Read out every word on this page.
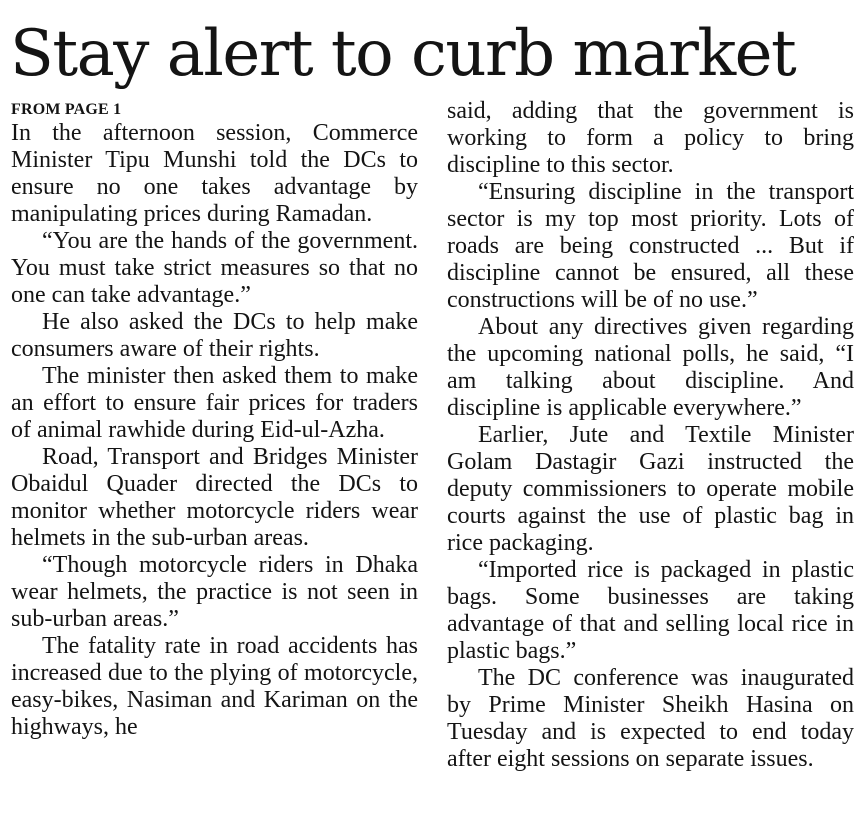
Stay alert to curb market
FROM PAGE 1

In the afternoon session, Commerce Minister Tipu Munshi told the DCs to ensure no one takes advantage by manipulating prices during Ramadan.

“You are the hands of the government. You must take strict measures so that no one can take advantage.”

He also asked the DCs to help make consumers aware of their rights.

The minister then asked them to make an effort to ensure fair prices for traders of animal rawhide during Eid-ul-Azha.

Road, Transport and Bridges Minister Obaidul Quader directed the DCs to monitor whether motorcycle riders wear helmets in the sub-urban areas.

“Though motorcycle riders in Dhaka wear helmets, the practice is not seen in sub-urban areas.”

The fatality rate in road accidents has increased due to the plying of motorcycle, easy-bikes, Nasiman and Kariman on the highways, he

said, adding that the government is working to form a policy to bring discipline to this sector.

“Ensuring discipline in the transport sector is my top most priority. Lots of roads are being constructed ... But if discipline cannot be ensured, all these constructions will be of no use.”

About any directives given regarding the upcoming national polls, he said, “I am talking about discipline. And discipline is applicable everywhere.”

Earlier, Jute and Textile Minister Golam Dastagir Gazi instructed the deputy commissioners to operate mobile courts against the use of plastic bag in rice packaging.

“Imported rice is packaged in plastic bags. Some businesses are taking advantage of that and selling local rice in plastic bags.”

The DC conference was inaugurated by Prime Minister Sheikh Hasina on Tuesday and is expected to end today after eight sessions on separate issues.
